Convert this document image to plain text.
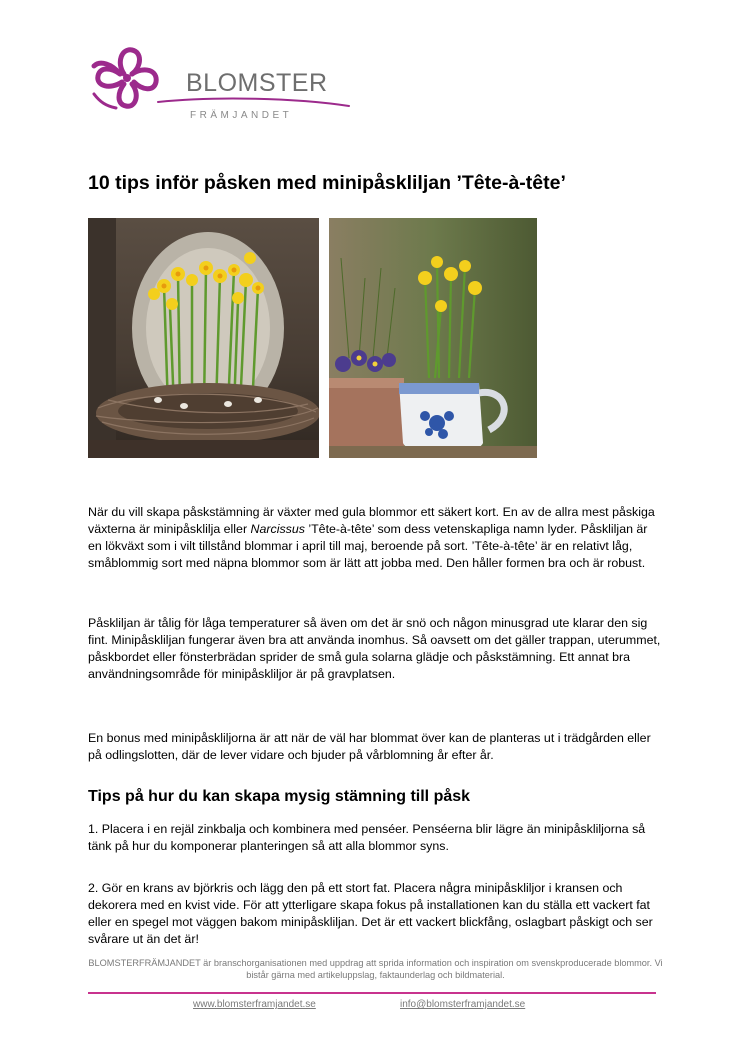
BLOMSTER
FRÄMJANDET
10 tips inför påsken med minipåskliljan ’Tête-à-tête’

När du vill skapa påskstämning är växter med gula blommor ett säkert kort. En av de allra mest påskiga växterna är minipåsklilja eller Narcissus ’Tête-à-tête’ som dess vetenskapliga namn lyder. Påskliljan är en lökväxt som i vilt tillstånd blommar i april till maj, beroende på sort. ’Tête-à-tête’ är en relativt låg, småblommig sort med näpna blommor som är lätt att jobba med. Den håller formen bra och är robust.

Påskliljan är tålig för låga temperaturer så även om det är snö och någon minusgrad ute klarar den sig fint. Minipåskliljan fungerar även bra att använda inomhus. Så oavsett om det gäller trappan, uterummet, påskbordet eller fönsterbrädan sprider de små gula solarna glädje och påskstämning. Ett annat bra användningsområde för minipåskliljor är på gravplatsen.

En bonus med minipåskliljorna är att när de väl har blommat över kan de planteras ut i trädgården eller på odlingslotten, där de lever vidare och bjuder på vårblomning år efter år.

Tips på hur du kan skapa mysig stämning till påsk

1. Placera i en rejäl zinkbalja och kombinera med penséer. Penséerna blir lägre än minipåskliljorna så tänk på hur du komponerar planteringen så att alla blommor syns.

2. Gör en krans av björkris och lägg den på ett stort fat. Placera några minipåskliljor i kransen och dekorera med en kvist vide. För att ytterligare skapa fokus på installationen kan du ställa ett vackert fat eller en spegel mot väggen bakom minipåskliljan. Det är ett vackert blickfång, oslagbart påskigt och ser svårare ut än det är!

BLOMSTERFRÄMJANDET är branschorganisationen med uppdrag att sprida information och inspiration om svenskproducerade blommor. Vi bistår gärna med artikeluppslag, faktaunderlag och bildmaterial.

www.blomsterframjandet.se	info@blomsterframjandet.se
